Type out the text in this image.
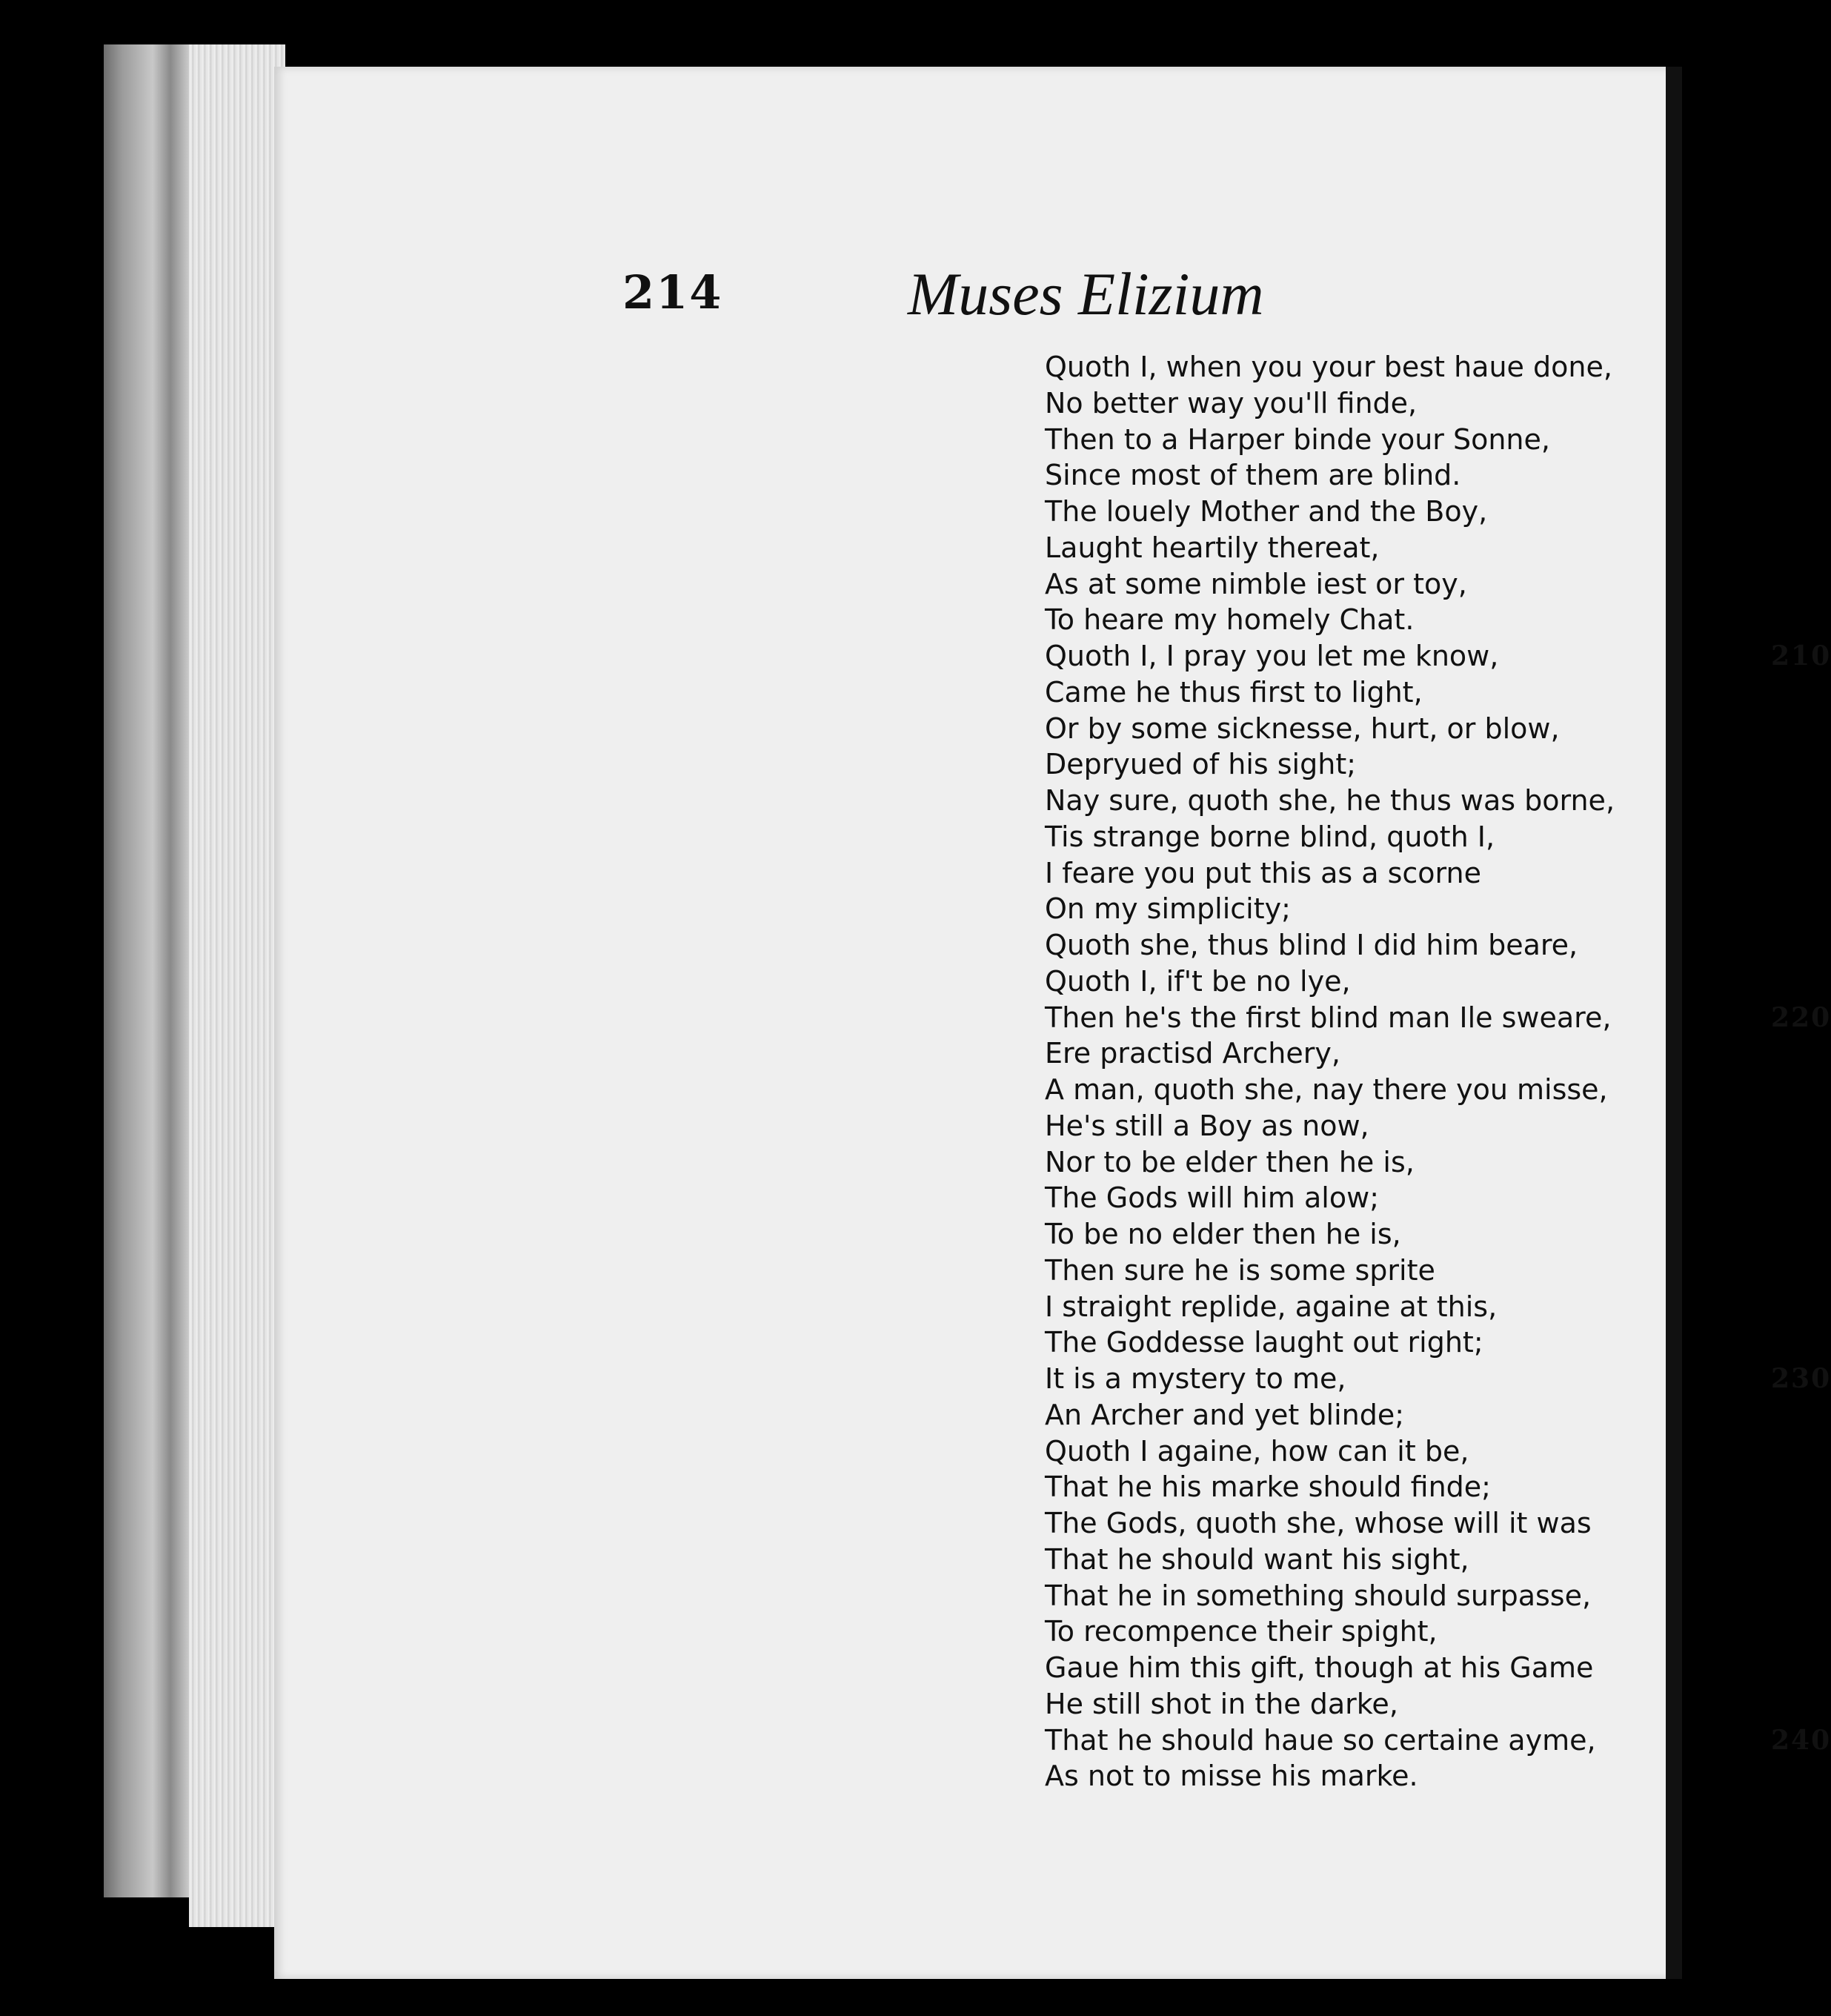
214	Muses Elizium
Quoth I, when you your best haue done,
No better way you'll finde,
Then to a Harper binde your Sonne,
Since most of them are blind.
The louely Mother and the Boy,
Laught heartily thereat,
As at some nimble iest or toy,
To heare my homely Chat.
Quoth I, I pray you let me know,	210
Came he thus first to light,
Or by some sicknesse, hurt, or blow,
Depryued of his sight;
Nay sure, quoth she, he thus was borne,
Tis strange borne blind, quoth I,
I feare you put this as a scorne
On my simplicity;
Quoth she, thus blind I did him beare,
Quoth I, if't be no lye,
Then he's the first blind man Ile sweare,	220
Ere practisd Archery,
A man, quoth she, nay there you misse,
He's still a Boy as now,
Nor to be elder then he is,
The Gods will him alow;
To be no elder then he is,
Then sure he is some sprite
I straight replide, againe at this,
The Goddesse laught out right;
It is a mystery to me,	230
An Archer and yet blinde;
Quoth I againe, how can it be,
That he his marke should finde;
The Gods, quoth she, whose will it was
That he should want his sight,
That he in something should surpasse,
To recompence their spight,
Gaue him this gift, though at his Game
He still shot in the darke,
That he should haue so certaine ayme,	240
As not to misse his marke.
